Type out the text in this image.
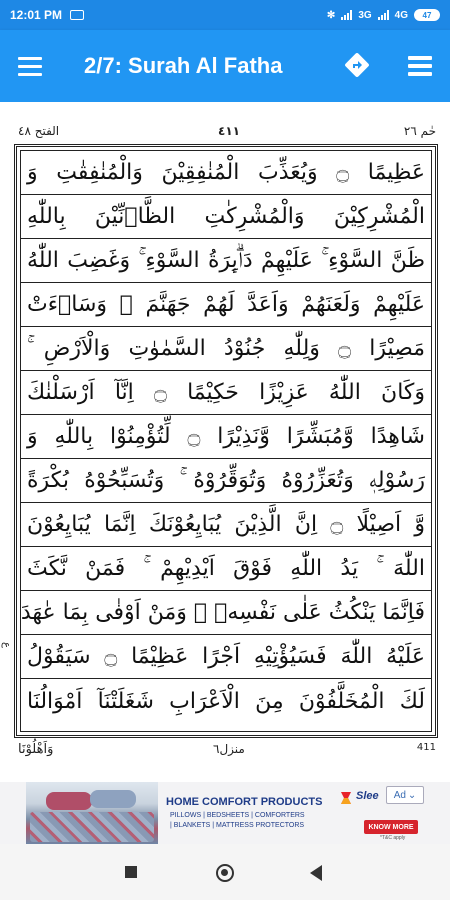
12:01 PM	✻ 3G 4G 47
2/7: Surah Al Fatha
الفتح ٤٨	٤١١	حٰم ٢٦
عَظِيمًا ۝ وَيُعَذِّبَ الْمُنٰفِقِيْنَ وَالْمُنٰفِقٰتِ وَ
الْمُشْرِكِيْنَ وَالْمُشْرِكٰتِ الظَّاۤنِّيْنَ بِاللّٰهِ
ظَنَّ السَّوْءِ ۚ عَلَيْهِمْ دَاۗىِٕرَةُ السَّوْءِ ۚ وَغَضِبَ اللّٰهُ
عَلَيْهِمْ وَلَعَنَهُمْ وَاَعَدَّ لَهُمْ جَهَنَّمَ ۚ وَسَاۗءَتْ
مَصِيْرًا ۝ وَلِلّٰهِ جُنُوْدُ السَّمٰوٰتِ وَالْاَرْضِ ۚ
وَكَانَ اللّٰهُ عَزِيْزًا حَكِيْمًا ۝ اِنَّآ اَرْسَلْنٰكَ
شَاهِدًا وَّمُبَشِّرًا وَّنَذِيْرًا ۝ لِّتُؤْمِنُوْا بِاللّٰهِ وَ
رَسُوْلِهٖ وَتُعَزِّرُوْهُ وَتُوَقِّرُوْهُ ۚ وَتُسَبِّحُوْهُ بُكْرَةً
وَّ اَصِيْلًا ۝ اِنَّ الَّذِيْنَ يُبَايِعُوْنَكَ اِنَّمَا يُبَايِعُوْنَ
اللّٰهَ ۚ يَدُ اللّٰهِ فَوْقَ اَيْدِيْهِمْ ۚ فَمَنْ نَّكَثَ
فَاِنَّمَا يَنْكُثُ عَلٰى نَفْسِهٖ ۚ وَمَنْ اَوْفٰى بِمَا عٰهَدَ
عَلَيْهُ اللّٰهَ فَسَيُؤْتِيْهِ اَجْرًا عَظِيْمًا ۝ سَيَقُوْلُ
لَكَ الْمُخَلَّفُوْنَ مِنَ الْاَعْرَابِ شَغَلَتْنَآ اَمْوَالُنَا
ع
وَاَهْلُوْنَا	منزل٦	411
HOME COMFORT PRODUCTS
PILLOWS | BEDSHEETS | COMFORTERS
| BLANKETS | MATTRESS PROTECTORS
Slee Ad ⌄
KNOW MORE
*T&C apply
